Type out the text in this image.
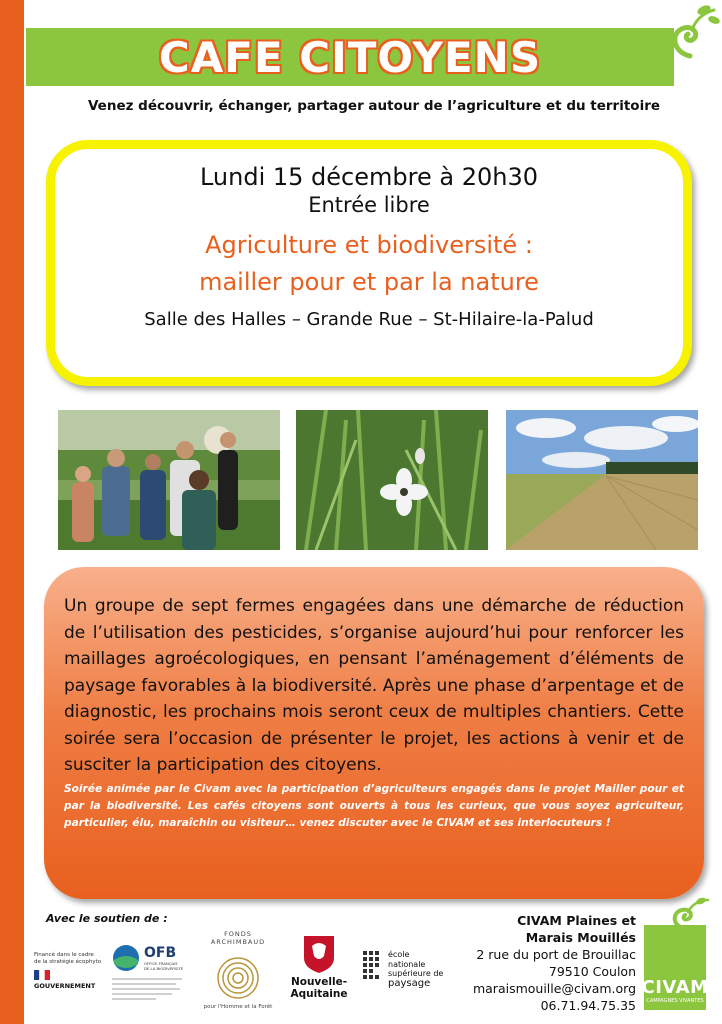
CAFE CITOYENS
Venez découvrir, échanger, partager autour de l’agriculture et du territoire
Lundi 15 décembre à 20h30
Entrée libre
Agriculture et biodiversité :
mailler pour et par la nature
Salle des Halles – Grande Rue – St-Hilaire-la-Palud

Un groupe de sept fermes engagées dans une démarche de réduction de l’utilisation des pesticides, s’organise aujourd’hui pour renforcer les maillages agroécologiques, en pensant l’aménagement d’éléments de paysage favorables à la biodiversité. Après une phase d’arpentage et de diagnostic, les prochains mois seront ceux de multiples chantiers. Cette soirée sera l’occasion de présenter le projet, les actions à venir et de susciter la participation des citoyens.

Soirée animée par le Civam avec la participation d’agriculteurs engagés dans le projet Mailler pour et par la biodiversité. Les cafés citoyens sont ouverts à tous les curieux, que vous soyez agriculteur, particulier, élu, maraîchin ou visiteur… venez discuter avec le CIVAM et ses interlocuteurs !

Avec le soutien de :
Financé dans le cadre
de la stratégie écophyto
GOUVERNEMENT
OFB
OFFICE FRANÇAIS DE LA BIODIVERSITÉ
FONDS ARCHIMBAUD
pour l'Homme et la Forêt
Nouvelle-
Aquitaine
école
nationale
supérieure de
paysage
CIVAM Plaines et
Marais Mouillés
2 rue du port de Brouillac
79510 Coulon
maraismouille@civam.org
06.71.94.75.35
CIVAM
CAMPAGNES VIVANTES
